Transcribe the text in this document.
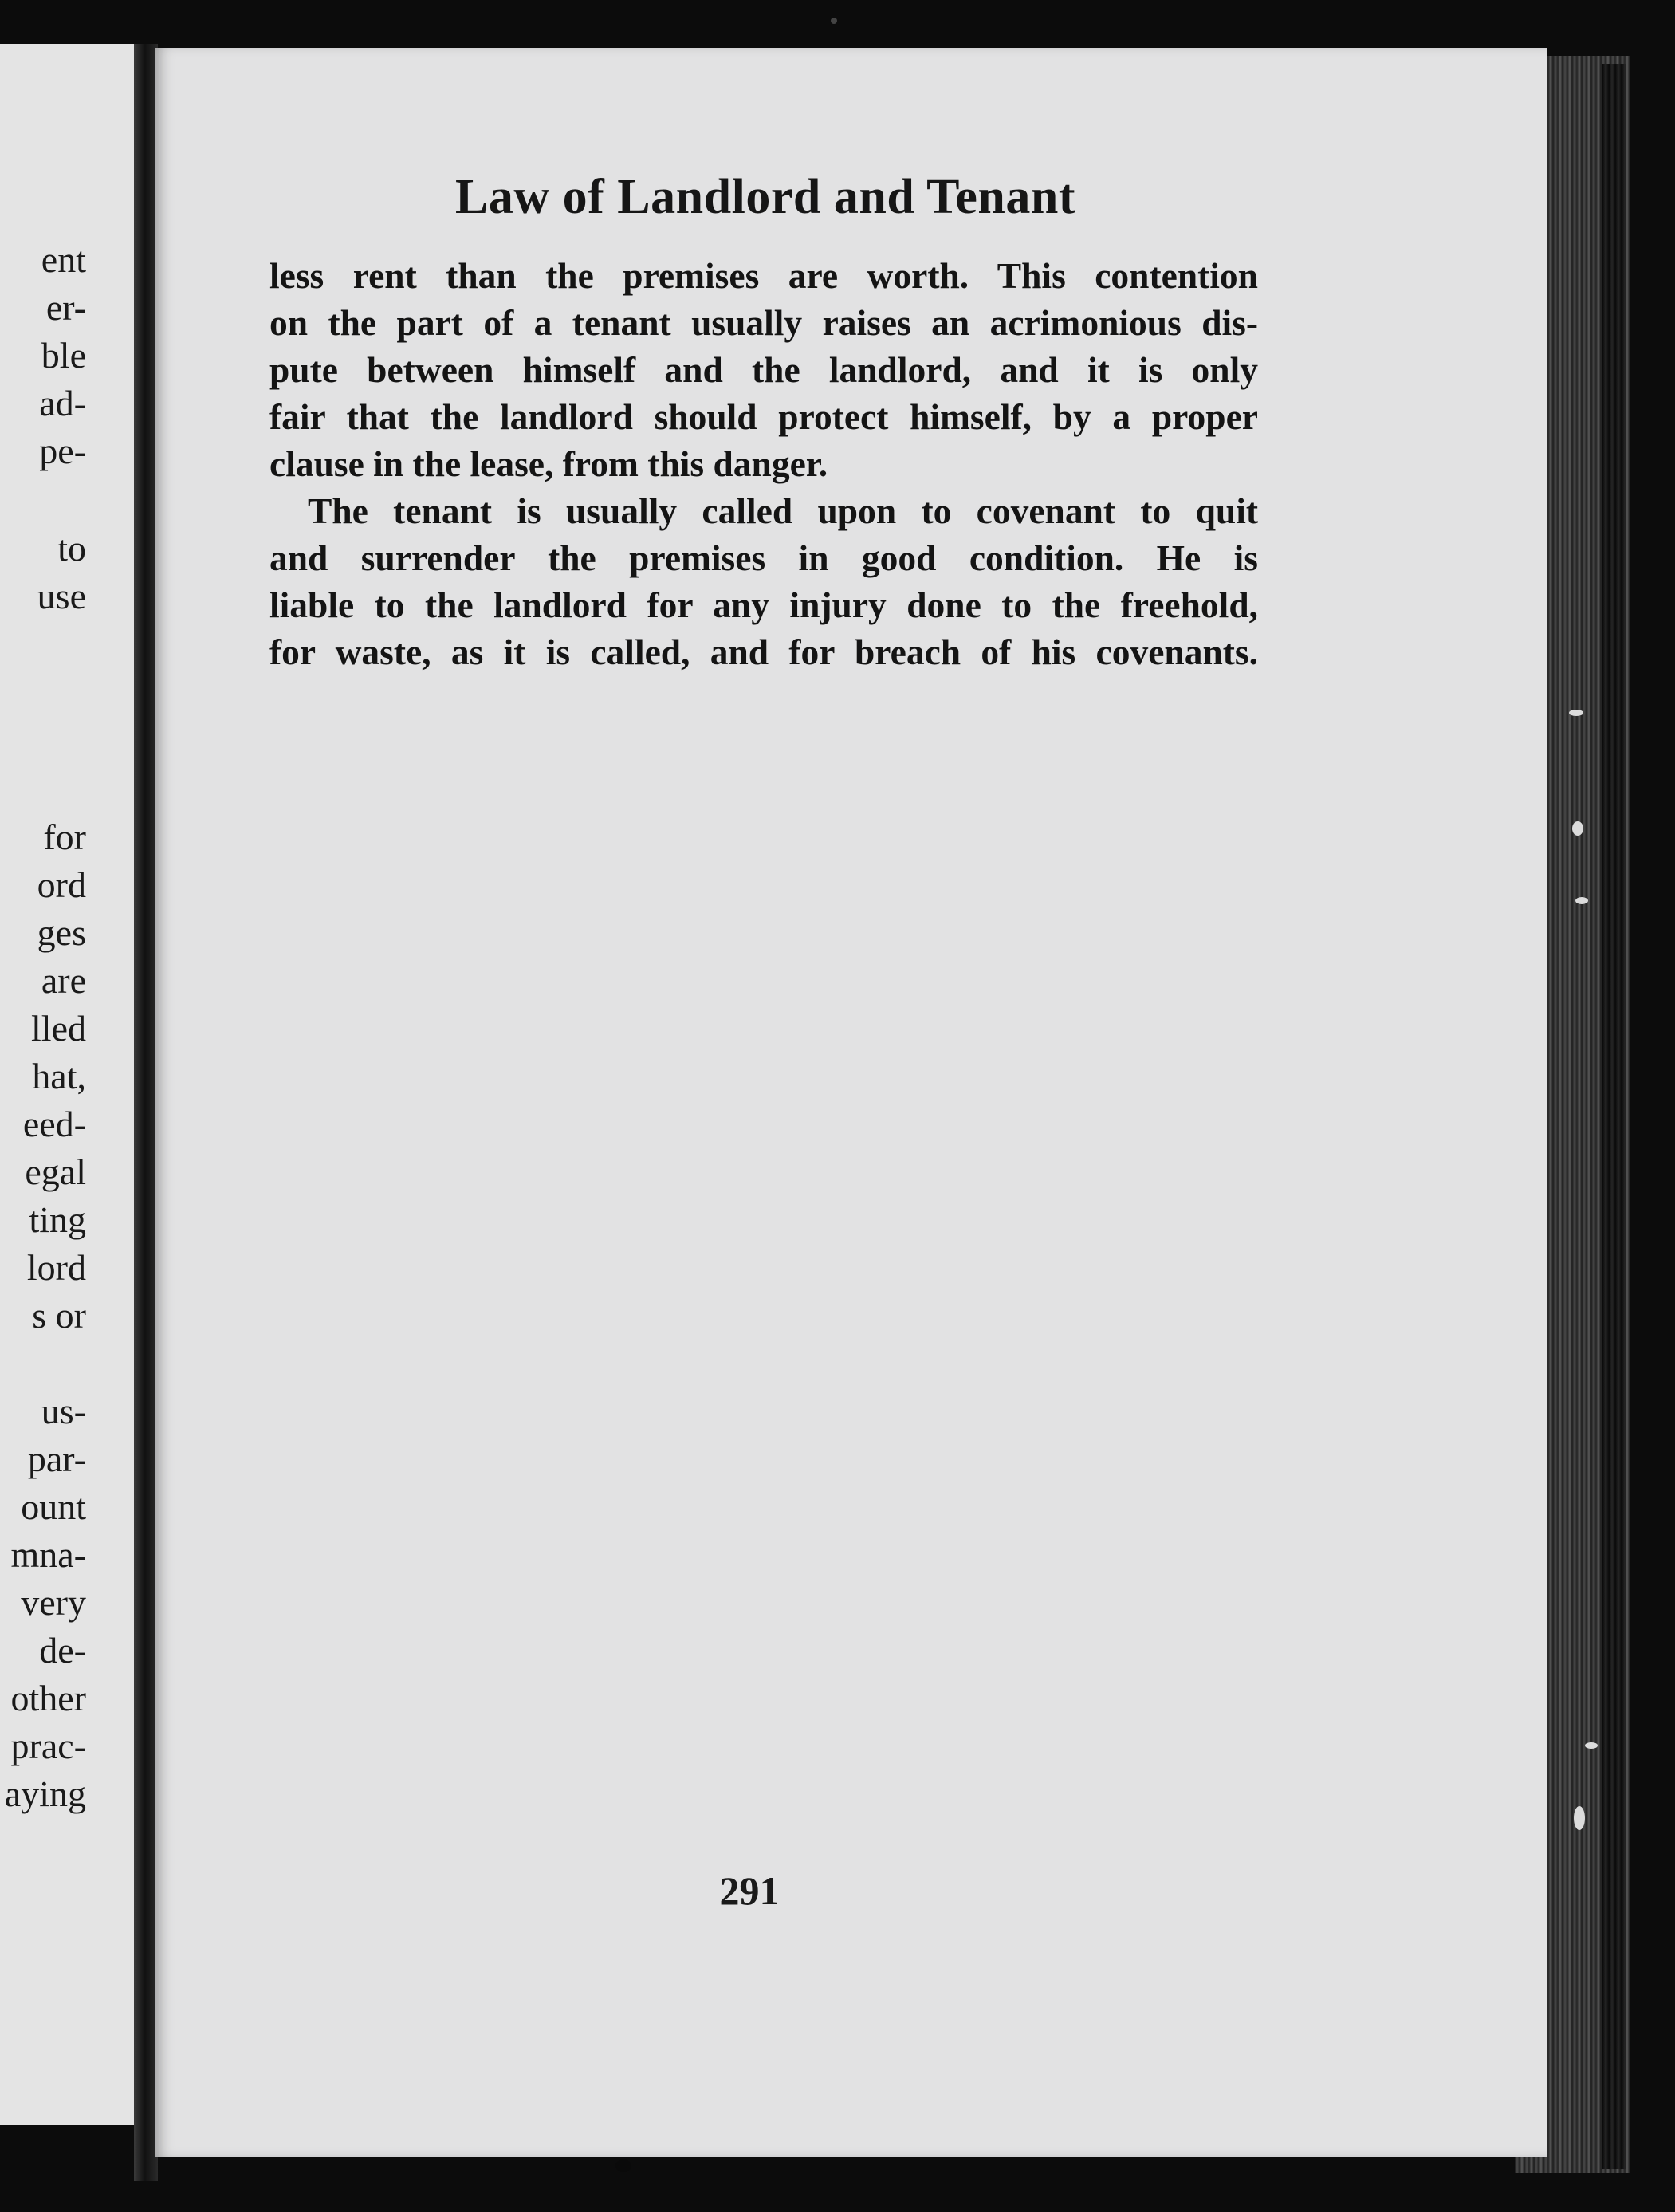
ent
er-
ble
ad-
pe-
to
use
for
ord
ges
are
lled
hat,
eed-
egal
ting
lord
s or
us-
par-
ount
mna-
very
de-
other
prac-
aying
Law of Landlord and Tenant
less rent than the premises are worth. This contention
on the part of a tenant usually raises an acrimonious dis-
pute between himself and the landlord, and it is only
fair that the landlord should protect himself, by a proper
clause in the lease, from this danger.
The tenant is usually called upon to covenant to quit
and surrender the premises in good condition. He is
liable to the landlord for any injury done to the freehold,
for waste, as it is called, and for breach of his covenants.
291
